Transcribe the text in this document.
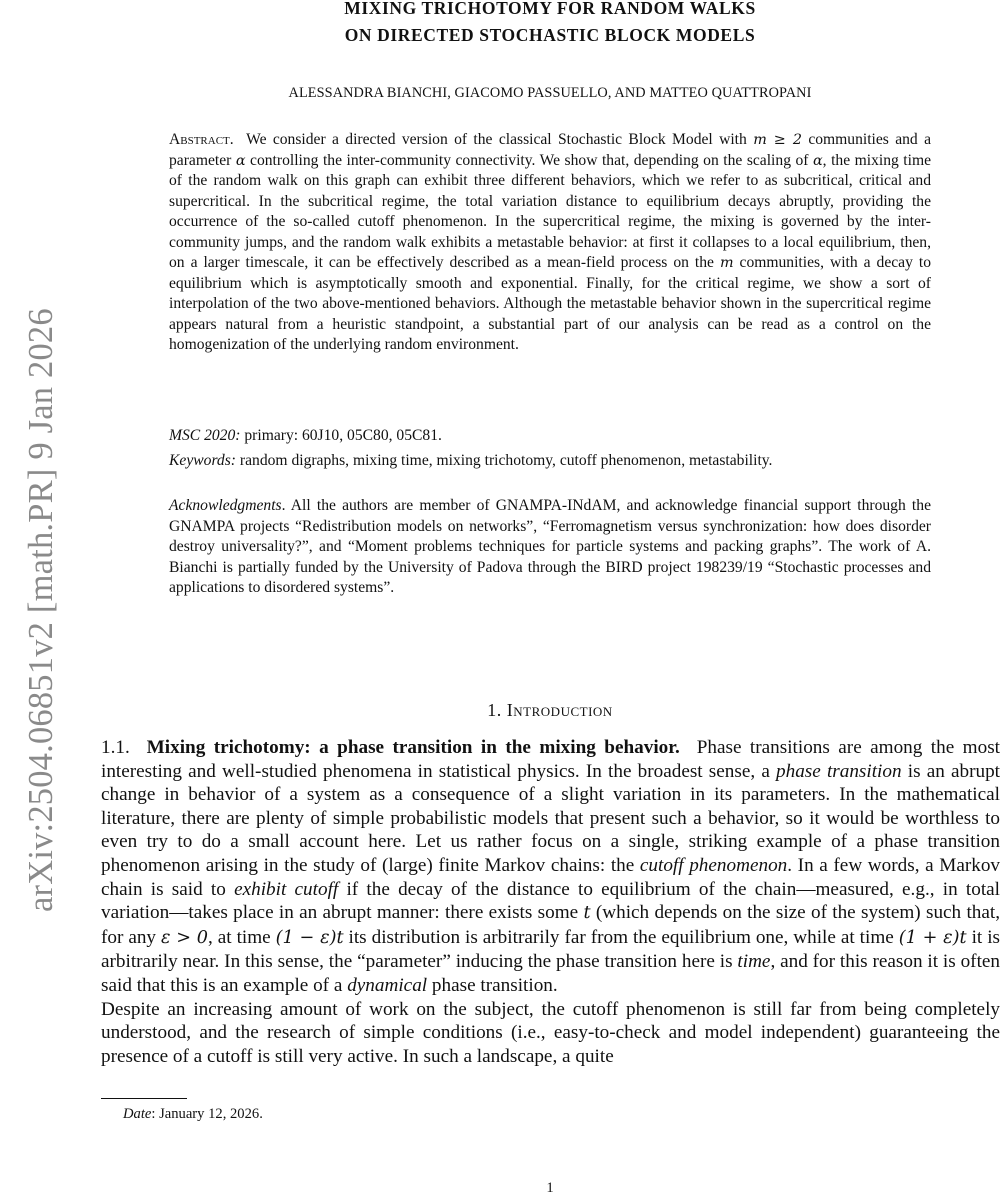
arXiv:2504.06851v2 [math.PR] 9 Jan 2026
MIXING TRICHOTOMY FOR RANDOM WALKS
ON DIRECTED STOCHASTIC BLOCK MODELS
ALESSANDRA BIANCHI, GIACOMO PASSUELLO, AND MATTEO QUATTROPANI
Abstract. We consider a directed version of the classical Stochastic Block Model with m ≥ 2 communities and a parameter α controlling the inter-community connectivity. We show that, depending on the scaling of α, the mixing time of the random walk on this graph can exhibit three different behaviors, which we refer to as subcritical, critical and supercritical. In the subcritical regime, the total variation distance to equilibrium decays abruptly, providing the occurrence of the so-called cutoff phenomenon. In the supercritical regime, the mixing is governed by the inter-community jumps, and the random walk exhibits a metastable behavior: at first it collapses to a local equilibrium, then, on a larger timescale, it can be effectively described as a mean-field process on the m communities, with a decay to equilibrium which is asymptotically smooth and exponential. Finally, for the critical regime, we show a sort of interpolation of the two above-mentioned behaviors. Although the metastable behavior shown in the supercritical regime appears natural from a heuristic standpoint, a substantial part of our analysis can be read as a control on the homogenization of the underlying random environment.
MSC 2020: primary: 60J10, 05C80, 05C81.
Keywords: random digraphs, mixing time, mixing trichotomy, cutoff phenomenon, metastability.
Acknowledgments. All the authors are member of GNAMPA-INdAM, and acknowledge financial support through the GNAMPA projects “Redistribution models on networks”, “Ferromagnetism versus synchronization: how does disorder destroy universality?”, and “Moment problems techniques for particle systems and packing graphs”. The work of A. Bianchi is partially funded by the University of Padova through the BIRD project 198239/19 “Stochastic processes and applications to disordered systems”.
1. Introduction

1.1. Mixing trichotomy: a phase transition in the mixing behavior. Phase transitions are among the most interesting and well-studied phenomena in statistical physics. In the broadest sense, a phase transition is an abrupt change in behavior of a system as a consequence of a slight variation in its parameters. In the mathematical literature, there are plenty of simple probabilistic models that present such a behavior, so it would be worthless to even try to do a small account here. Let us rather focus on a single, striking example of a phase transition phenomenon arising in the study of (large) finite Markov chains: the cutoff phenomenon. In a few words, a Markov chain is said to exhibit cutoff if the decay of the distance to equilibrium of the chain—measured, e.g., in total variation—takes place in an abrupt manner: there exists some t (which depends on the size of the system) such that, for any ε > 0, at time (1 − ε)t its distribution is arbitrarily far from the equilibrium one, while at time (1 + ε)t it is arbitrarily near. In this sense, the “parameter” inducing the phase transition here is time, and for this reason it is often said that this is an example of a dynamical phase transition.

Despite an increasing amount of work on the subject, the cutoff phenomenon is still far from being completely understood, and the research of simple conditions (i.e., easy-to-check and model independent) guaranteeing the presence of a cutoff is still very active. In such a landscape, a quite

Date: January 12, 2026.
1
